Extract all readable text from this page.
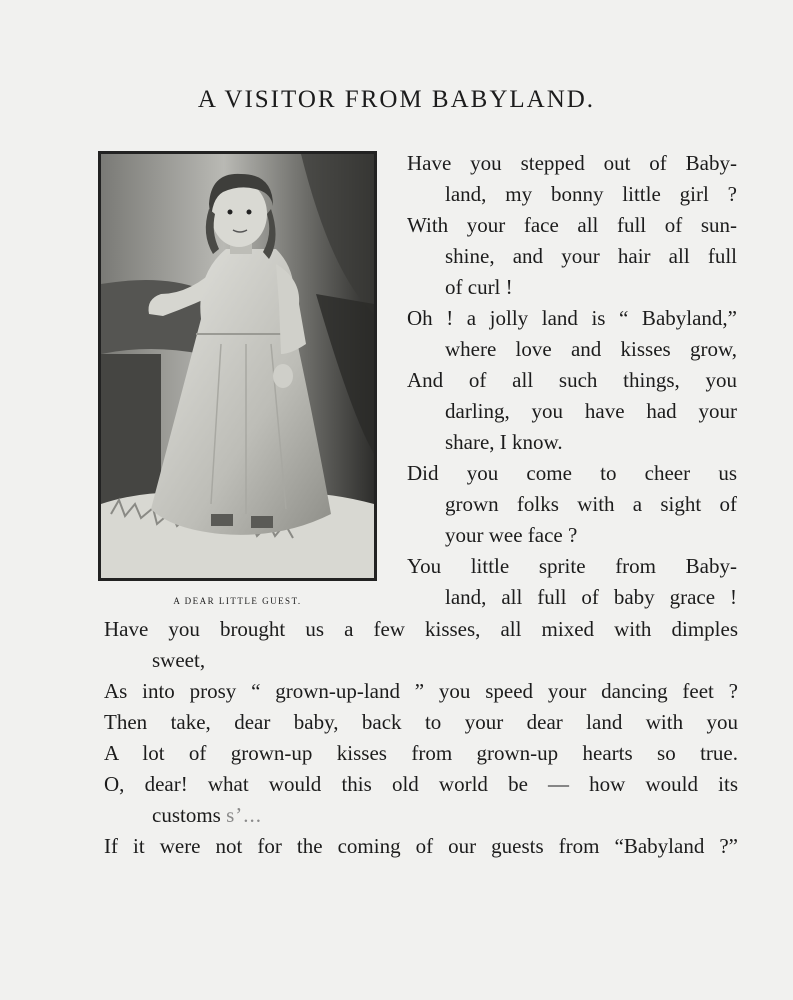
A VISITOR FROM BABYLAND.
A DEAR LITTLE GUEST.
Have you stepped out of Baby-
land, my bonny little girl ?
With your face all full of sun-
shine, and your hair all full
of curl !
Oh ! a jolly land is “ Babyland,”
where love and kisses grow,
And of all such things, you
darling, you have had your
share, I know.
Did you come to cheer us
grown folks with a sight of
your wee face ?
You little sprite from Baby-
land, all full of baby grace !
Have you brought us a few kisses, all mixed with dimples
sweet,
As into prosy “ grown-up-land ” you speed your dancing feet ?
Then take, dear baby, back to your dear land with you
A lot of grown-up kisses from grown-up hearts so true.
O, dear! what would this old world be — how would its
customs s’...
If it were not for the coming of our guests from “Babyland ?”
